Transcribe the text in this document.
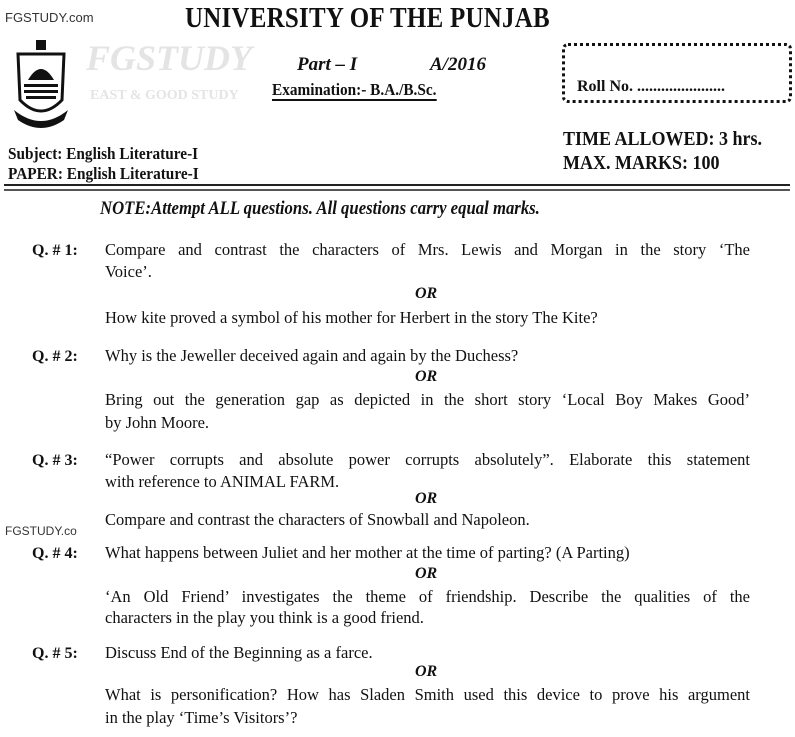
FGSTUDY
EAST & GOOD STUDY
FGSTUDY.com	UNIVERSITY OF THE PUNJAB
Part – I	A/2016
Examination:- B.A./B.Sc.	Roll No. ......................
TIME ALLOWED: 3 hrs.
MAX. MARKS: 100
Subject: English Literature-I
PAPER: English Literature-I
NOTE:Attempt ALL questions. All questions carry equal marks.
Q. # 1: Compare and contrast the characters of Mrs. Lewis and Morgan in the story ‘The
Voice’.
OR
How kite proved a symbol of his mother for Herbert in the story The Kite?
Q. # 2: Why is the Jeweller deceived again and again by the Duchess?
OR
Bring out the generation gap as depicted in the short story ‘Local Boy Makes Good’
by John Moore.
Q. # 3: “Power corrupts and absolute power corrupts absolutely”. Elaborate this statement
with reference to ANIMAL FARM.
OR
Compare and contrast the characters of Snowball and Napoleon.
Q. # 4: What happens between Juliet and her mother at the time of parting? (A Parting)
OR
‘An Old Friend’ investigates the theme of friendship. Describe the qualities of the
characters in the play you think is a good friend.
Q. # 5: Discuss End of the Beginning as a farce.
OR
What is personification? How has Sladen Smith used this device to prove his argument
in the play ‘Time’s Visitors’?
FGSTUDY.co
